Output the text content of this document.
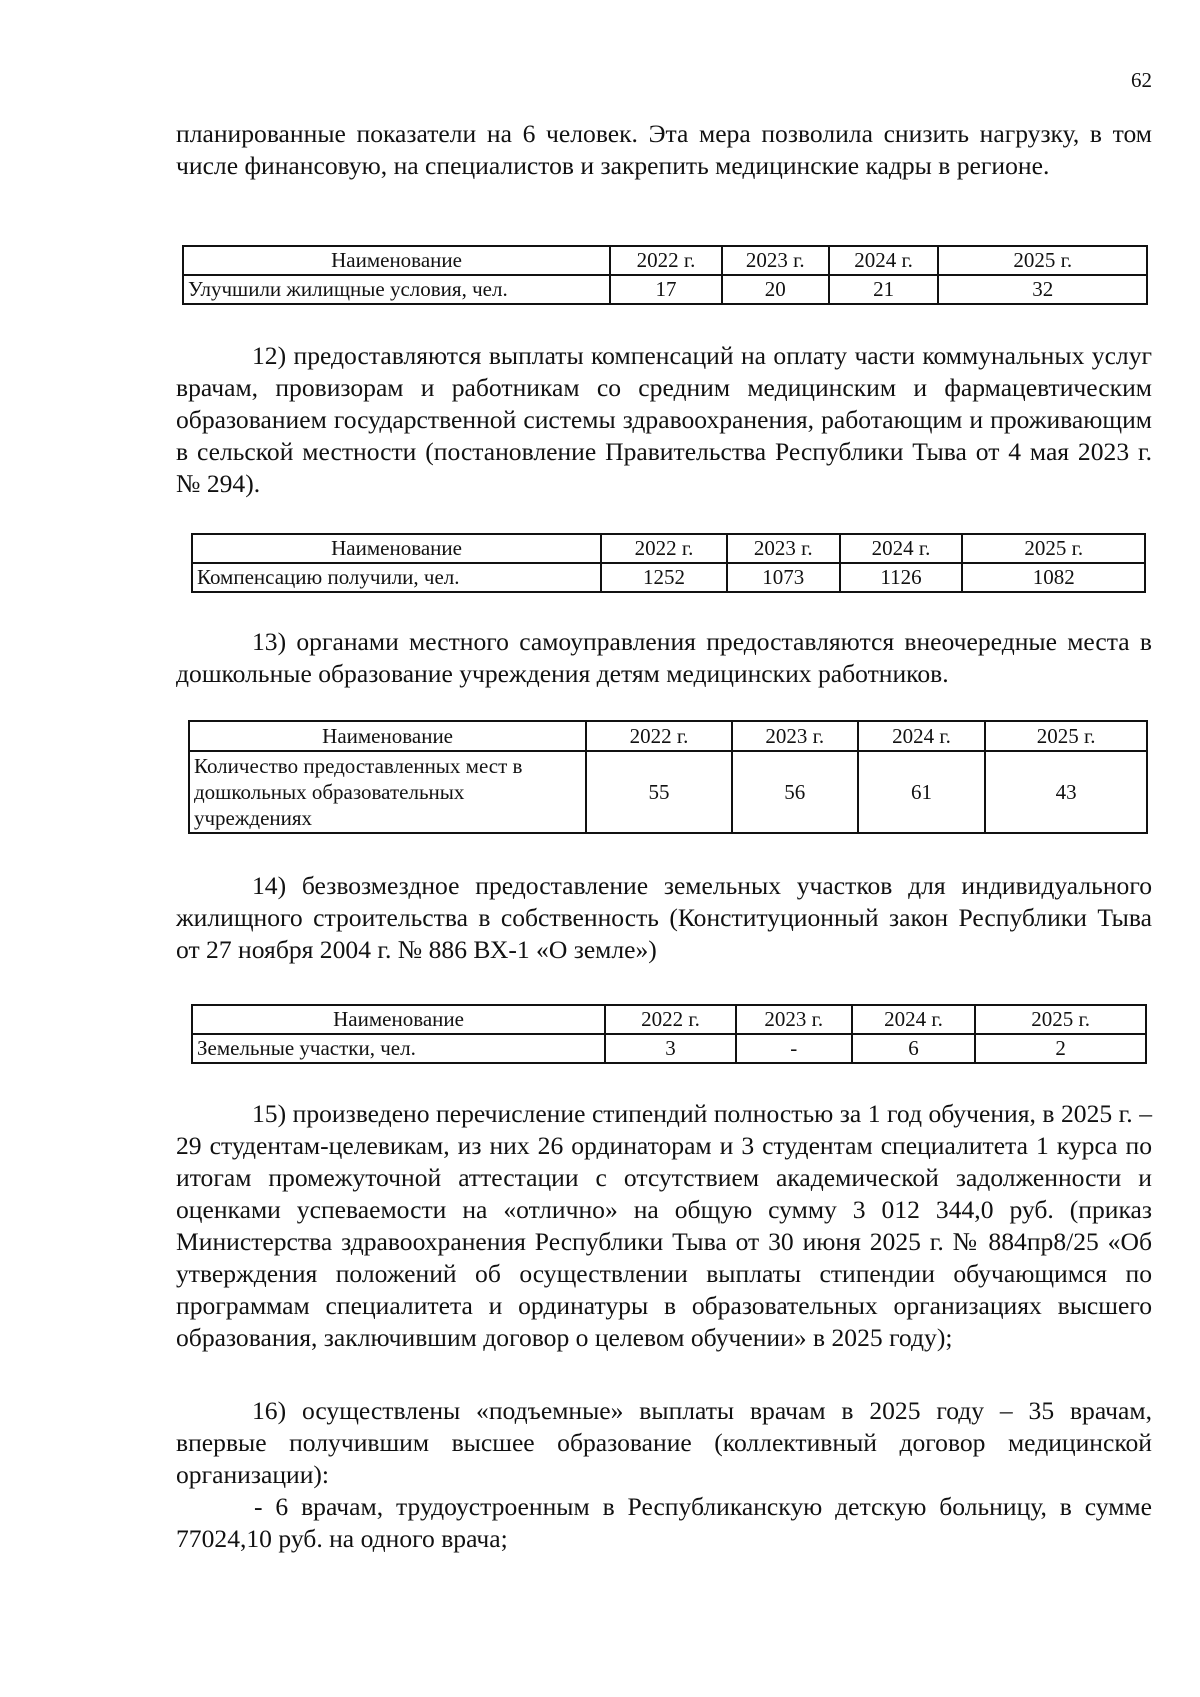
62

планированные показатели на 6 человек. Эта мера позволила снизить нагрузку, в том числе финансовую, на специалистов и закрепить медицинские кадры в регионе.

Наименование	2022 г.	2023 г.	2024 г.	2025 г.
Улучшили жилищные условия, чел.	17	20	21	32

12) предоставляются выплаты компенсаций на оплату части коммунальных услуг врачам, провизорам и работникам со средним медицинским и фармацевтическим образованием государственной системы здравоохранения, работающим и проживающим в сельской местности (постановление Правительства Республики Тыва от 4 мая 2023 г. № 294).

Наименование	2022 г.	2023 г.	2024 г.	2025 г.
Компенсацию получили, чел.	1252	1073	1126	1082

13) органами местного самоуправления предоставляются внеочередные места в дошкольные образование учреждения детям медицинских работников.

Наименование	2022 г.	2023 г.	2024 г.	2025 г.
Количество предоставленных мест в дошкольных образовательных учреждениях	55	56	61	43

14) безвозмездное предоставление земельных участков для индивидуального жилищного строительства в собственность (Конституционный закон Республики Тыва от 27 ноября 2004 г. № 886 ВХ-1 «О земле»)

Наименование	2022 г.	2023 г.	2024 г.	2025 г.
Земельные участки, чел.	3	-	6	2

15) произведено перечисление стипендий полностью за 1 год обучения, в 2025 г. – 29 студентам-целевикам, из них 26 ординаторам и 3 студентам специалитета 1 курса по итогам промежуточной аттестации с отсутствием академической задолженности и оценками успеваемости на «отлично» на общую сумму 3 012 344,0 руб. (приказ Министерства здравоохранения Республики Тыва от 30 июня 2025 г. № 884пр8/25 «Об утверждения положений об осуществлении выплаты стипендии обучающимся по программам специалитета и ординатуры в образовательных организациях высшего образования, заключившим договор о целевом обучении» в 2025 году);

16) осуществлены «подъемные» выплаты врачам в 2025 году – 35 врачам, впервые получившим высшее образование (коллективный договор медицинской организации):

- 6 врачам, трудоустроенным в Республиканскую детскую больницу, в сумме 77024,10 руб. на одного врача;
